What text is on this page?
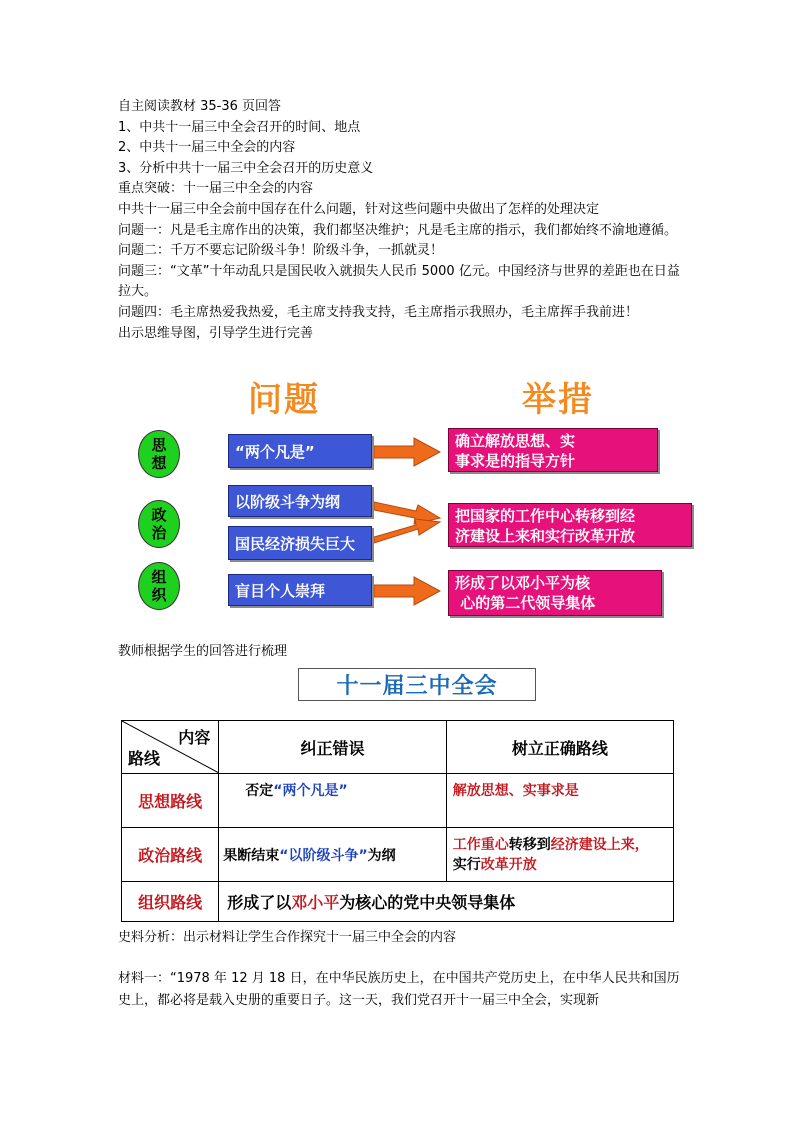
自主阅读教材 35-36 页回答

1、中共十一届三中全会召开的时间、地点

2、中共十一届三中全会的内容

3、分析中共十一届三中全会召开的历史意义

重点突破：十一届三中全会的内容

中共十一届三中全会前中国存在什么问题，针对这些问题中央做出了怎样的处理决定

问题一：凡是毛主席作出的决策，我们都坚决维护；凡是毛主席的指示，我们都始终不渝地遵循。

问题二：千万不要忘记阶级斗争！阶级斗争，一抓就灵！

问题三：“文革”十年动乱只是国民收入就损失人民币 5000 亿元。中国经济与世界的差距也在日益拉大。

问题四：毛主席热爱我热爱，毛主席支持我支持，毛主席指示我照办，毛主席挥手我前进！

出示思维导图，引导学生进行完善

问题	举措
思想
政治
组织
“两个凡是”
以阶级斗争为纲
国民经济损失巨大
盲目个人崇拜
确立解放思想、实
事求是的指导方针
把国家的工作中心转移到经
济建设上来和实行改革开放
形成了以邓小平为核
心的第二代领导集体
教师根据学生的回答进行梳理
十一届三中全会
内容
路线	纠正错误	树立正确路线
思想路线	否定“两个凡是”	解放思想、实事求是
政治路线	果断结束“以阶级斗争”为纲	工作重心转移到经济建设上来，
实行改革开放
组织路线	形成了以邓小平为核心的党中央领导集体	
史料分析：出示材料让学生合作探究十一届三中全会的内容
材料一：“1978 年 12 月 18 日，在中华民族历史上，在中国共产党历史上，在中华人民共和国历史上，都必将是载入史册的重要日子。这一天，我们党召开十一届三中全会，实现新
